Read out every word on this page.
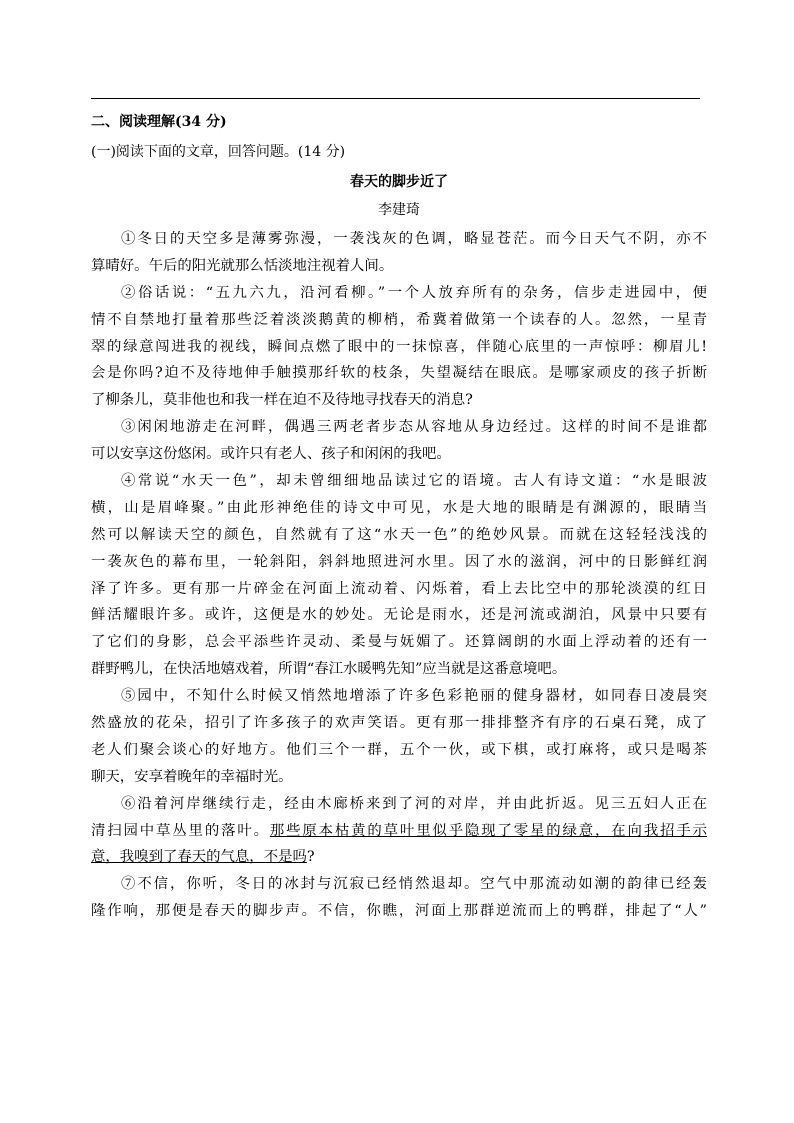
二、阅读理解(34 分)

(一)阅读下面的文章，回答问题。(14 分)

春天的脚步近了

李建琦

①冬日的天空多是薄雾弥漫，一袭浅灰的色调，略显苍茫。而今日天气不阴，亦不
算晴好。午后的阳光就那么恬淡地注视着人间。
②俗话说：“五九六九，沿河看柳。”一个人放弃所有的杂务，信步走进园中，便
情不自禁地打量着那些泛着淡淡鹅黄的柳梢，希冀着做第一个读春的人。忽然，一星青
翠的绿意闯进我的视线，瞬间点燃了眼中的一抹惊喜，伴随心底里的一声惊呼：柳眉儿!
会是你吗?迫不及待地伸手触摸那纤软的枝条，失望凝结在眼底。是哪家顽皮的孩子折断
了柳条儿，莫非他也和我一样在迫不及待地寻找春天的消息?
③闲闲地游走在河畔，偶遇三两老者步态从容地从身边经过。这样的时间不是谁都
可以安享这份悠闲。或许只有老人、孩子和闲闲的我吧。
④常说“水天一色”，却未曾细细地品读过它的语境。古人有诗文道：“水是眼波
横，山是眉峰聚。”由此形神绝佳的诗文中可见，水是大地的眼睛是有渊源的，眼睛当
然可以解读天空的颜色，自然就有了这“水天一色”的绝妙风景。而就在这轻轻浅浅的
一袭灰色的幕布里，一轮斜阳，斜斜地照进河水里。因了水的滋润，河中的日影鲜红润
泽了许多。更有那一片碎金在河面上流动着、闪烁着，看上去比空中的那轮淡漠的红日
鲜活耀眼许多。或许，这便是水的妙处。无论是雨水，还是河流或湖泊，风景中只要有
了它们的身影，总会平添些许灵动、柔曼与妩媚了。还算阔朗的水面上浮动着的还有一
群野鸭儿，在快活地嬉戏着，所谓“春江水暖鸭先知”应当就是这番意境吧。
⑤园中，不知什么时候又悄然地增添了许多色彩艳丽的健身器材，如同春日凌晨突
然盛放的花朵，招引了许多孩子的欢声笑语。更有那一排排整齐有序的石桌石凳，成了
老人们聚会谈心的好地方。他们三个一群，五个一伙，或下棋，或打麻将，或只是喝茶
聊天，安享着晚年的幸福时光。
⑥沿着河岸继续行走，经由木廊桥来到了河的对岸，并由此折返。见三五妇人正在
清扫园中草丛里的落叶。那些原本枯黄的草叶里似乎隐现了零星的绿意，在向我招手示
意，我嗅到了春天的气息，不是吗?
⑦不信，你听，冬日的冰封与沉寂已经悄然退却。空气中那流动如潮的韵律已经轰
隆作响，那便是春天的脚步声。不信，你瞧，河面上那群逆流而上的鸭群，排起了“人”
